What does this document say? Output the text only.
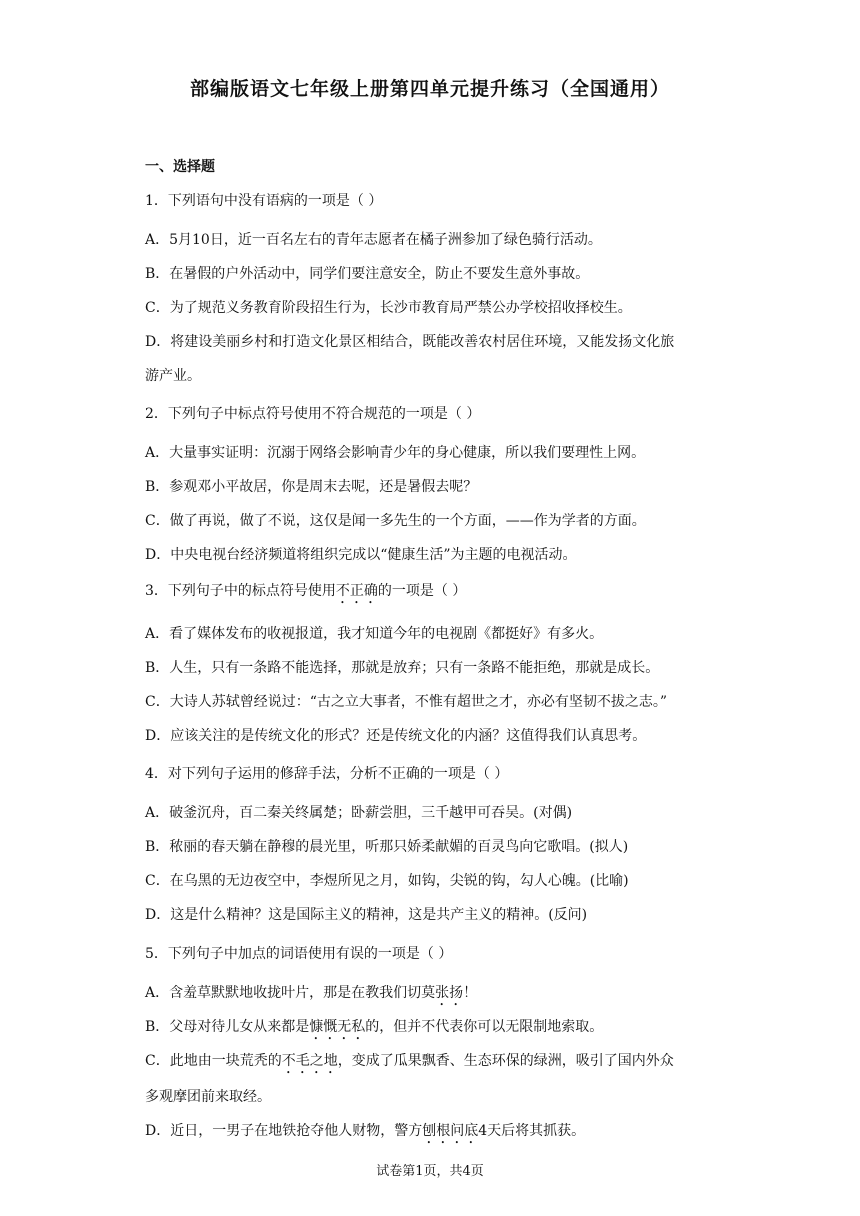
部编版语文七年级上册第四单元提升练习（全国通用）
一、选择题
1．下列语句中没有语病的一项是（ ）
A．5月10日，近一百名左右的青年志愿者在橘子洲参加了绿色骑行活动。
B．在暑假的户外活动中，同学们要注意安全，防止不要发生意外事故。
C．为了规范义务教育阶段招生行为，长沙市教育局严禁公办学校招收择校生。
D．将建设美丽乡村和打造文化景区相结合，既能改善农村居住环境，又能发扬文化旅
游产业。
2．下列句子中标点符号使用不符合规范的一项是（ ）
A．大量事实证明：沉溺于网络会影响青少年的身心健康，所以我们要理性上网。
B．参观邓小平故居，你是周末去呢，还是暑假去呢？
C．做了再说，做了不说，这仅是闻一多先生的一个方面，——作为学者的方面。
D．中央电视台经济频道将组织完成以“健康生活”为主题的电视活动。
3．下列句子中的标点符号使用不正确的一项是（ ）
A．看了媒体发布的收视报道，我才知道今年的电视剧《都挺好》有多火。
B．人生，只有一条路不能选择，那就是放弃；只有一条路不能拒绝，那就是成长。
C．大诗人苏轼曾经说过：“古之立大事者，不惟有超世之才，亦必有坚韧不拔之志。”
D．应该关注的是传统文化的形式？还是传统文化的内涵？这值得我们认真思考。
4．对下列句子运用的修辞手法，分析不正确的一项是（ ）
A．破釜沉舟，百二秦关终属楚；卧薪尝胆，三千越甲可吞吴。(对偶)
B．秾丽的春天躺在静穆的晨光里，听那只娇柔献媚的百灵鸟向它歌唱。(拟人)
C．在乌黑的无边夜空中，李煜所见之月，如钩，尖锐的钩，勾人心魄。(比喻)
D．这是什么精神？这是国际主义的精神，这是共产主义的精神。(反问)
5．下列句子中加点的词语使用有误的一项是（ ）
A．含羞草默默地收拢叶片，那是在教我们切莫张扬！
B．父母对待儿女从来都是慷慨无私的，但并不代表你可以无限制地索取。
C．此地由一块荒秃的不毛之地，变成了瓜果飘香、生态环保的绿洲，吸引了国内外众
多观摩团前来取经。
D．近日，一男子在地铁抢夺他人财物，警方刨根问底4天后将其抓获。
试卷第1页，共4页
